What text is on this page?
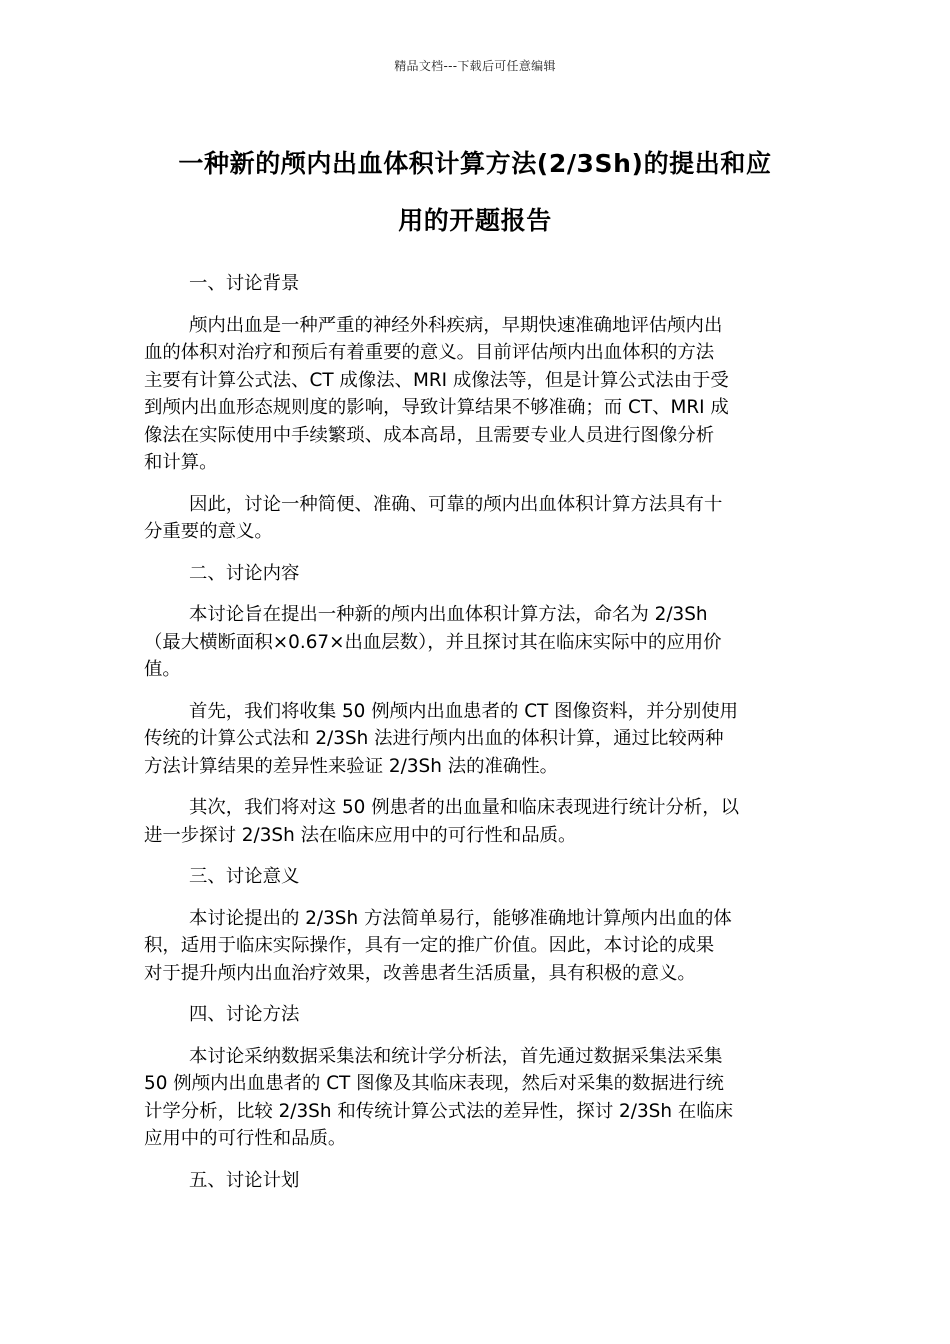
精品文档---下载后可任意编辑
一种新的颅内出血体积计算方法(2/3Sh)的提出和应
用的开题报告
一、讨论背景
颅内出血是一种严重的神经外科疾病，早期快速准确地评估颅内出
血的体积对治疗和预后有着重要的意义。目前评估颅内出血体积的方法
主要有计算公式法、CT 成像法、MRI 成像法等，但是计算公式法由于受
到颅内出血形态规则度的影响，导致计算结果不够准确；而 CT、MRI 成
像法在实际使用中手续繁琐、成本高昂，且需要专业人员进行图像分析
和计算。
因此，讨论一种简便、准确、可靠的颅内出血体积计算方法具有十
分重要的意义。
二、讨论内容
本讨论旨在提出一种新的颅内出血体积计算方法，命名为 2/3Sh
（最大横断面积×0.67×出血层数），并且探讨其在临床实际中的应用价
值。
首先，我们将收集 50 例颅内出血患者的 CT 图像资料，并分别使用
传统的计算公式法和 2/3Sh 法进行颅内出血的体积计算，通过比较两种
方法计算结果的差异性来验证 2/3Sh 法的准确性。
其次，我们将对这 50 例患者的出血量和临床表现进行统计分析，以
进一步探讨 2/3Sh 法在临床应用中的可行性和品质。
三、讨论意义
本讨论提出的 2/3Sh 方法简单易行，能够准确地计算颅内出血的体
积，适用于临床实际操作，具有一定的推广价值。因此，本讨论的成果
对于提升颅内出血治疗效果，改善患者生活质量，具有积极的意义。
四、讨论方法
本讨论采纳数据采集法和统计学分析法，首先通过数据采集法采集
50 例颅内出血患者的 CT 图像及其临床表现，然后对采集的数据进行统
计学分析，比较 2/3Sh 和传统计算公式法的差异性，探讨 2/3Sh 在临床
应用中的可行性和品质。
五、讨论计划
